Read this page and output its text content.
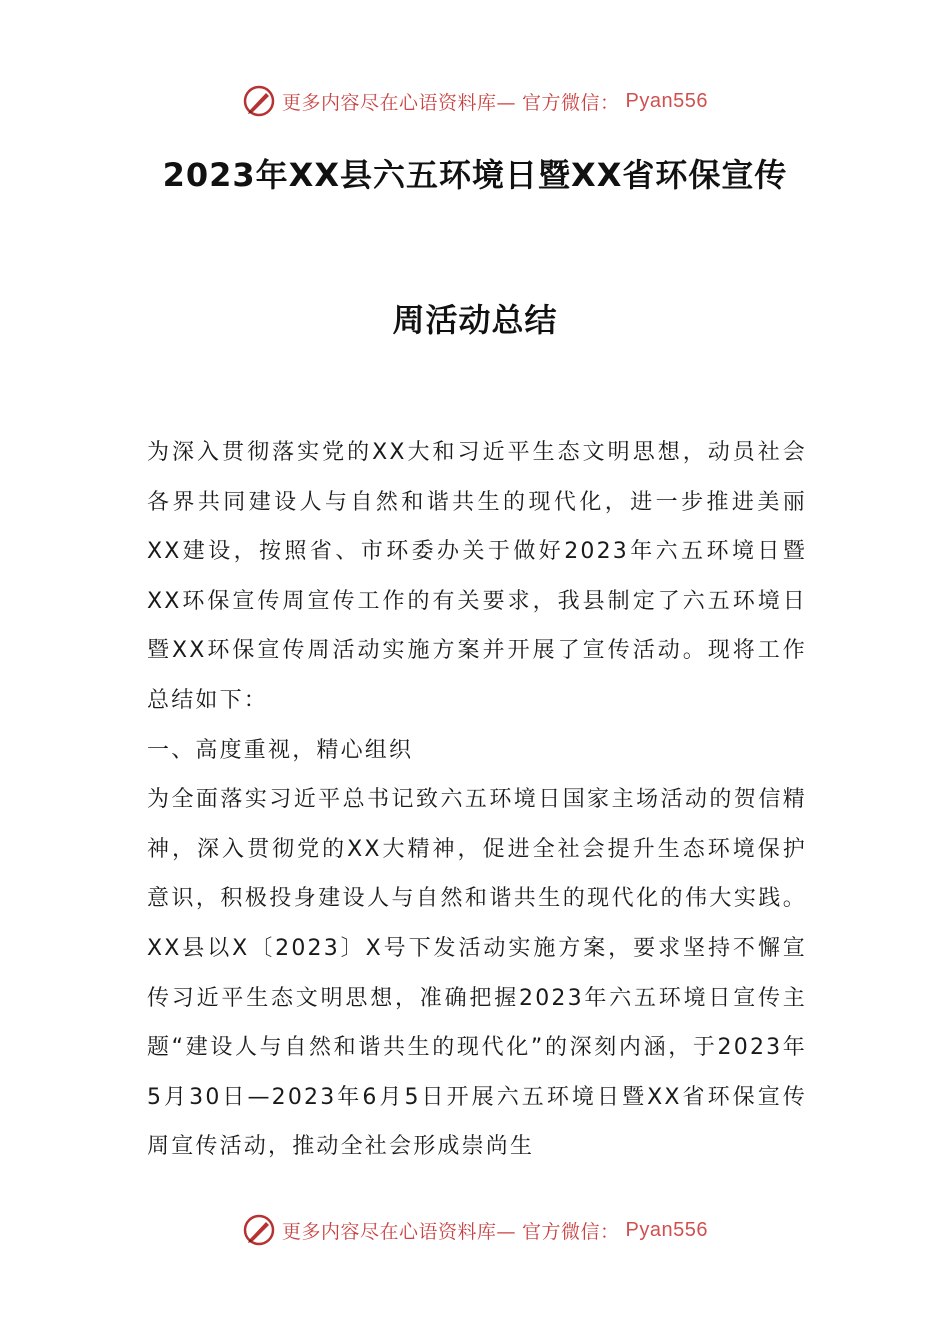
更多内容尽在心语资料库— 官方微信： Pyan556
2023年XX县六五环境日暨XX省环保宣传
周活动总结

为深入贯彻落实党的XX大和习近平生态文明思想，动员社会各界共同建设人与自然和谐共生的现代化，进一步推进美丽XX建设，按照省、市环委办关于做好2023年六五环境日暨XX环保宣传周宣传工作的有关要求，我县制定了六五环境日暨XX环保宣传周活动实施方案并开展了宣传活动。现将工作总结如下：

一、高度重视，精心组织

为全面落实习近平总书记致六五环境日国家主场活动的贺信精神，深入贯彻党的XX大精神，促进全社会提升生态环境保护意识，积极投身建设人与自然和谐共生的现代化的伟大实践。XX县以X〔2023〕X号下发活动实施方案，要求坚持不懈宣传习近平生态文明思想，准确把握2023年六五环境日宣传主题“建设人与自然和谐共生的现代化”的深刻内涵，于2023年5月30日—2023年6月5日开展六五环境日暨XX省环保宣传周宣传活动，推动全社会形成崇尚生

更多内容尽在心语资料库— 官方微信： Pyan556
